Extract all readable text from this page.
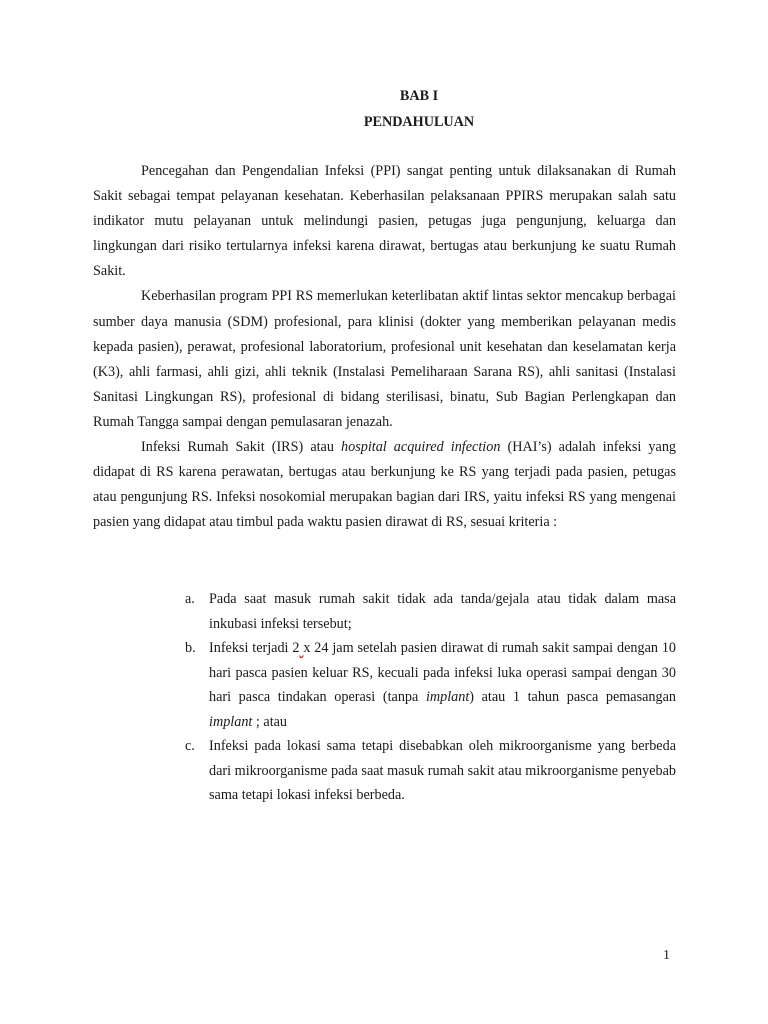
BAB I
PENDAHULUAN

Pencegahan dan Pengendalian Infeksi (PPI) sangat penting untuk dilaksanakan di Rumah Sakit sebagai tempat pelayanan kesehatan. Keberhasilan pelaksanaan PPIRS merupakan salah satu indikator mutu pelayanan untuk melindungi pasien, petugas juga pengunjung, keluarga dan lingkungan dari risiko tertularnya infeksi karena dirawat, bertugas atau berkunjung ke suatu Rumah Sakit.

Keberhasilan program PPI RS memerlukan keterlibatan aktif lintas sektor mencakup berbagai sumber daya manusia (SDM) profesional, para klinisi (dokter yang memberikan pelayanan medis kepada pasien), perawat, profesional laboratorium, profesional unit kesehatan dan keselamatan kerja (K3), ahli farmasi, ahli gizi, ahli teknik (Instalasi Pemeliharaan Sarana RS), ahli sanitasi (Instalasi Sanitasi Lingkungan RS), profesional di bidang sterilisasi, binatu, Sub Bagian Perlengkapan dan Rumah Tangga sampai dengan pemulasaran jenazah.

Infeksi Rumah Sakit (IRS) atau hospital acquired infection (HAI’s) adalah infeksi yang didapat di RS karena perawatan, bertugas atau berkunjung ke RS yang terjadi pada pasien, petugas atau pengunjung RS. Infeksi nosokomial merupakan bagian dari IRS, yaitu infeksi RS yang mengenai pasien yang didapat atau timbul pada waktu pasien dirawat di RS, sesuai kriteria :

a. Pada saat masuk rumah sakit tidak ada tanda/gejala atau tidak dalam masa inkubasi infeksi tersebut;
b. Infeksi terjadi 2 x 24 jam setelah pasien dirawat di rumah sakit sampai dengan 10 hari pasca pasien keluar RS, kecuali pada infeksi luka operasi sampai dengan 30 hari pasca tindakan operasi (tanpa implant) atau 1 tahun pasca pemasangan implant ; atau
c. Infeksi pada lokasi sama tetapi disebabkan oleh mikroorganisme yang berbeda dari mikroorganisme pada saat masuk rumah sakit atau mikroorganisme penyebab sama tetapi lokasi infeksi berbeda.
1
